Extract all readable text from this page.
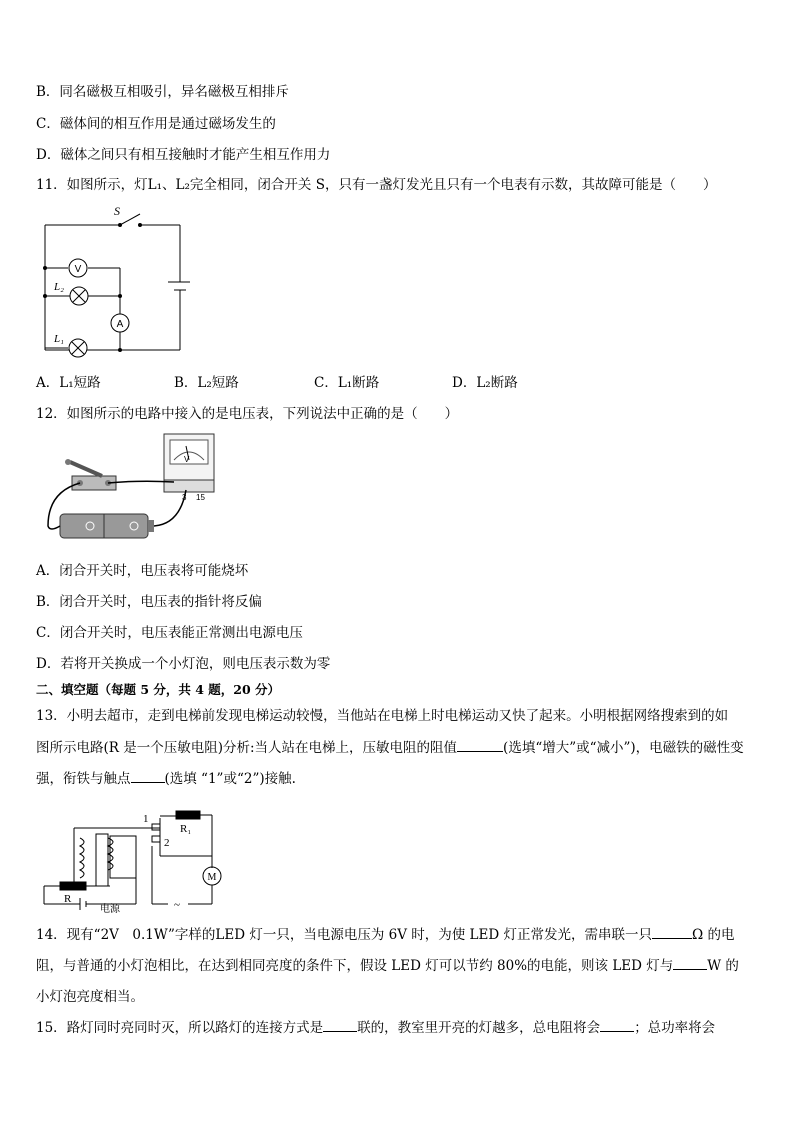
B．同名磁极互相吸引，异名磁极互相排斥
C．磁体间的相互作用是通过磁场发生的
D．磁体之间只有相互接触时才能产生相互作用力
11．如图所示，灯L₁、L₂完全相同，闭合开关 S，只有一盏灯发光且只有一个电表有示数，其故障可能是（　　）
S
V
A
L₂
L₁
A．L₁短路	B．L₂短路	C．L₁断路	D．L₂断路
12．如图所示的电路中接入的是电压表，下列说法中正确的是（　　）
V
3 15
A．闭合开关时，电压表将可能烧坏
B．闭合开关时，电压表的指针将反偏
C．闭合开关时，电压表能正常测出电源电压
D．若将开关换成一个小灯泡，则电压表示数为零
二、填空题（每题 5 分，共 4 题，20 分）
13．小明去超市，走到电梯前发现电梯运动较慢，当他站在电梯上时电梯运动又快了起来。小明根据网络搜索到的如
图所示电路(R 是一个压敏电阻)分析:当人站在电梯上，压敏电阻的阻值	(选填“增大”或“减小”)，电磁铁的磁性变
强，衔铁与触点	(选填 “1”或“2”)接触.
1
2
R₁
R
M
电源	~
14．现有“2V　0.1W”字样的LED 灯一只，当电源电压为 6V 时，为使 LED 灯正常发光，需串联一只	Ω 的电
阻，与普通的小灯泡相比，在达到相同亮度的条件下，假设 LED 灯可以节约 80%的电能，则该 LED 灯与	W 的
小灯泡亮度相当。
15．路灯同时亮同时灭，所以路灯的连接方式是	联的，教室里开亮的灯越多，总电阻将会	；总功率将会
